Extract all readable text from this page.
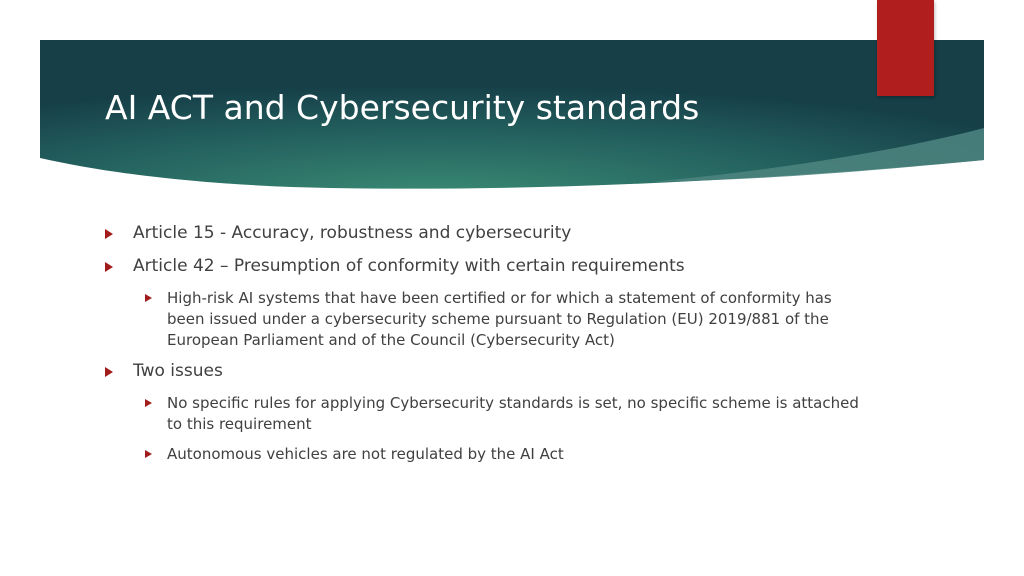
AI ACT and Cybersecurity standards
Article 15 - Accuracy, robustness and cybersecurity
Article 42 – Presumption of conformity with certain requirements
High-risk AI systems that have been certified or for which a statement of conformity has been issued under a cybersecurity scheme pursuant to Regulation (EU) 2019/881 of the European Parliament and of the Council (Cybersecurity Act)
Two issues
No specific rules for applying Cybersecurity standards is set, no specific scheme is attached to this requirement
Autonomous vehicles are not regulated by the AI Act
